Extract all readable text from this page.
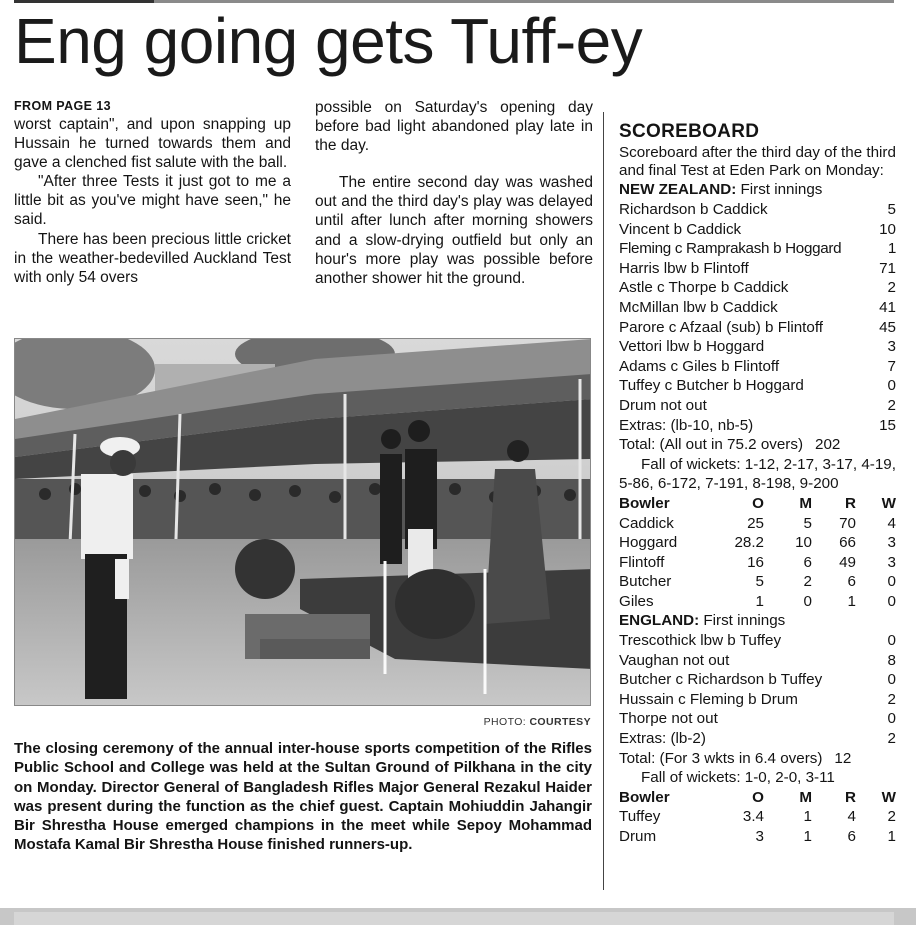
Eng going gets Tuff-ey
FROM PAGE 13

worst captain", and upon snapping up Hussain he turned towards them and gave a clenched fist salute with the ball.

"After three Tests it just got to me a little bit as you've might have seen," he said.

There has been precious little cricket in the weather-bedevilled Auckland Test with only 54 overs

possible on Saturday's opening day before bad light abandoned play late in the day.

The entire second day was washed out and the third day's play was delayed until after lunch after morning showers and a slow-drying outfield but only an hour's more play was possible before another shower hit the ground.

PHOTO: COURTESY
The closing ceremony of the annual inter-house sports competition of the Rifles Public School and College was held at the Sultan Ground of Pilkhana in the city on Monday. Director General of Bangladesh Rifles Major General Rezakul Haider was present during the function as the chief guest. Captain Mohiuddin Jahangir Bir Shrestha House emerged champions in the meet while Sepoy Mohammad Mostafa Kamal Bir Shrestha House finished runners-up.
SCOREBOARD
Scoreboard after the third day of the third and final Test at Eden Park on Monday:
NEW ZEALAND: First innings
Richardson b Caddick	5
Vincent b Caddick	10
Fleming c Ramprakash b Hoggard	1
Harris lbw b Flintoff	71
Astle c Thorpe b Caddick	2
McMillan lbw b Caddick	41
Parore c Afzaal (sub) b Flintoff	45
Vettori lbw b Hoggard	3
Adams c Giles b Flintoff	7
Tuffey c Butcher b Hoggard	0
Drum not out	2
Extras: (lb-10, nb-5)	15
Total: (All out in 75.2 overs) 202
Fall of wickets: 1-12, 2-17, 3-17, 4-19, 5-86, 6-172, 7-191, 8-198, 9-200
Bowler	O	M	R	W
Caddick	25	5	70	4
Hoggard	28.2	10	66	3
Flintoff	16	6	49	3
Butcher	5	2	6	0
Giles	1	0	1	0
ENGLAND: First innings
Trescothick lbw b Tuffey	0
Vaughan not out	8
Butcher c Richardson b Tuffey	0
Hussain c Fleming b Drum	2
Thorpe not out	0
Extras: (lb-2)	2
Total: (For 3 wkts in 6.4 overs) 12
Fall of wickets: 1-0, 2-0, 3-11
Bowler	O	M	R	W
Tuffey	3.4	1	4	2
Drum	3	1	6	1
